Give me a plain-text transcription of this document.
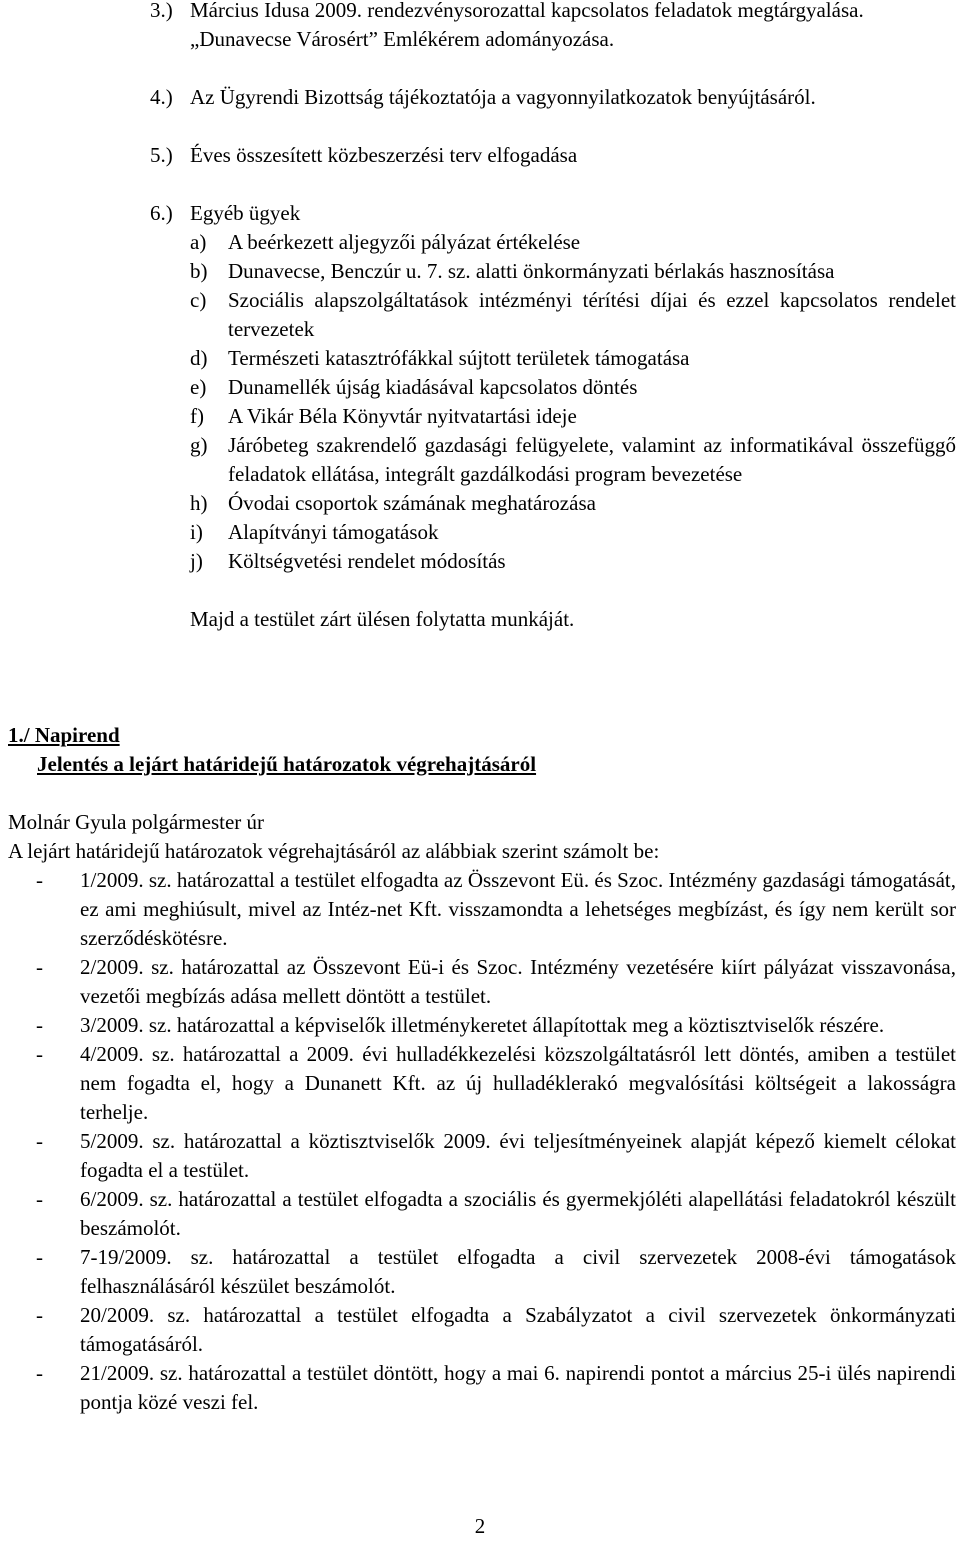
3.) Március Idusa 2009. rendezvénysorozattal kapcsolatos feladatok megtárgyalása.
„Dunavecse Városért” Emlékérem adományozása.
4.) Az Ügyrendi Bizottság tájékoztatója a vagyonnyilatkozatok benyújtásáról.
5.) Éves összesített közbeszerzési terv elfogadása
6.) Egyéb ügyek
a)	A beérkezett aljegyzői pályázat értékelése
b) Dunavecse, Benczúr u. 7. sz. alatti önkormányzati bérlakás hasznosítása
c)	Szociális alapszolgáltatások intézményi térítési díjai és ezzel kapcsolatos rendelet tervezetek
d) Természeti katasztrófákkal sújtott területek támogatása
e)	Dunamellék újság kiadásával kapcsolatos döntés
f)	A Vikár Béla Könyvtár nyitvatartási ideje
g) Járóbeteg szakrendelő gazdasági felügyelete, valamint az informatikával összefüggő feladatok ellátása, integrált gazdálkodási program bevezetése
h) Óvodai csoportok számának meghatározása
i)	Alapítványi támogatások
j)	Költségvetési rendelet módosítás
Majd a testület zárt ülésen folytatta munkáját.
1./ Napirend
Jelentés a lejárt határidejű határozatok végrehajtásáról
Molnár Gyula polgármester úr
A lejárt határidejű határozatok végrehajtásáról az alábbiak szerint számolt be:
-	1/2009. sz. határozattal a testület elfogadta az Összevont Eü. és Szoc. Intézmény gazdasági támogatását, ez ami meghiúsult, mivel az Intéz-net Kft. visszamondta a lehetséges megbízást, és így nem került sor szerződéskötésre.
-	2/2009. sz. határozattal az Összevont Eü-i és Szoc. Intézmény vezetésére kiírt pályázat visszavonása, vezetői megbízás adása mellett döntött a testület.
-	3/2009. sz. határozattal a képviselők illetménykeretet állapítottak meg a köztisztviselők részére.
-	4/2009. sz. határozattal a 2009. évi hulladékkezelési közszolgáltatásról lett döntés, amiben a testület nem fogadta el, hogy a Dunanett Kft. az új hulladéklerakó megvalósítási költségeit a lakosságra terhelje.
-	5/2009. sz. határozattal a köztisztviselők 2009. évi teljesítményeinek alapját képező kiemelt célokat fogadta el a testület.
-	6/2009. sz. határozattal a testület elfogadta a szociális és gyermekjóléti alapellátási feladatokról készült beszámolót.
-	7-19/2009. sz. határozattal a testület elfogadta a civil szervezetek 2008-évi támogatások felhasználásáról készület beszámolót.
-	20/2009. sz. határozattal a testület elfogadta a Szabályzatot a civil szervezetek önkormányzati támogatásáról.
-	21/2009. sz. határozattal a testület döntött, hogy a mai 6. napirendi pontot a március 25-i ülés napirendi pontja közé veszi fel.
2
